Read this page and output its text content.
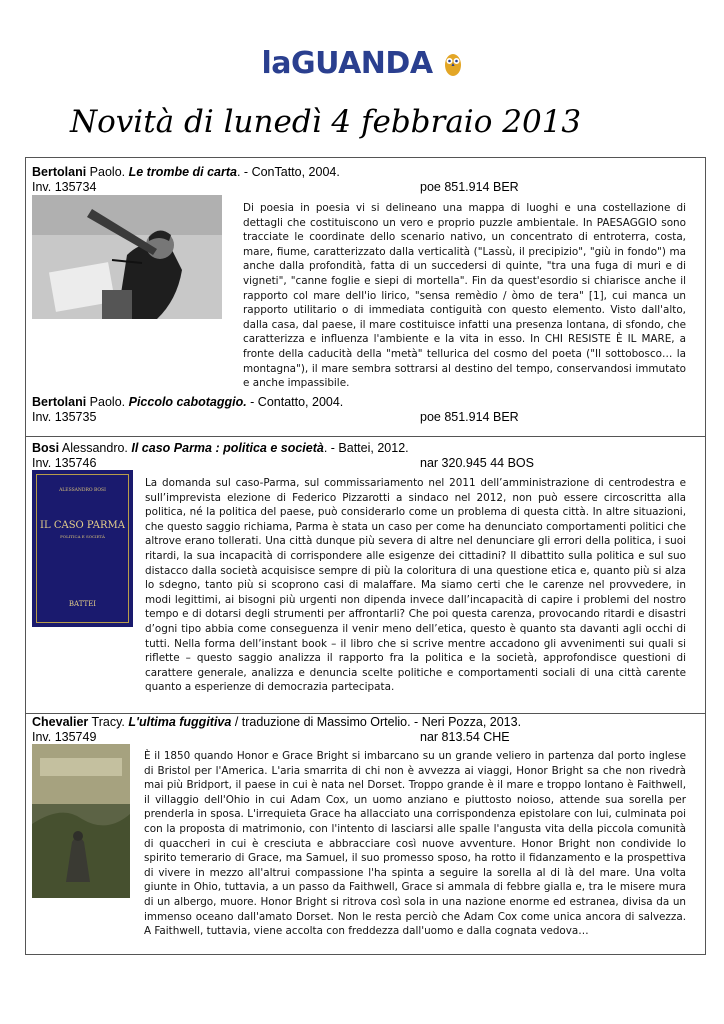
laGUANDA
Novità di lunedì 4 febbraio 2013
Bertolani Paolo. Le trombe di carta. - ConTatto, 2004.
Inv. 135734	poe 851.914 BER
Di poesia in poesia vi si delineano una mappa di luoghi e una costellazione di dettagli che costituiscono un vero e proprio puzzle ambientale. In PAESAGGIO sono tracciate le coordinate dello scenario nativo, un concentrato di entroterra, costa, mare, fiume, caratterizzato dalla verticalità ("Lassù, il precipizio", "giù in fondo") ma anche dalla profondità, fatta di un succedersi di quinte, "tra una fuga di muri e di vigneti", "canne foglie e siepi di mortella". Fin da quest'esordio si chiarisce anche il rapporto col mare dell'io lirico, "sensa remèdio / òmo de tera" [1], cui manca un rapporto utilitario o di immediata contiguità con questo elemento. Visto dall'alto, dalla casa, dal paese, il mare costituisce infatti una presenza lontana, di sfondo, che caratterizza e influenza l'ambiente e la vita in esso. In CHI RESISTE È IL MARE, a fronte della caducità della "metà" tellurica del cosmo del poeta ("Il sottobosco… la montagna"), il mare sembra sottrarsi al destino del tempo, conservandosi immutato e anche impassibile.
Bertolani Paolo. Piccolo cabotaggio. - Contatto, 2004.
Inv. 135735	poe 851.914 BER
Bosi Alessandro. Il caso Parma : politica e società. - Battei, 2012.
Inv. 135746	nar 320.945 44 BOS
ALESSANDRO BOSI
IL CASO PARMA
POLITICA E SOCIETÀ
BATTEI
La domanda sul caso-Parma, sul commissariamento nel 2011 dell’amministrazione di centrodestra e sull’imprevista elezione di Federico Pizzarotti a sindaco nel 2012, non può essere circoscritta alla politica, né la politica del paese, può considerarlo come un problema di questa città. In altre situazioni, che questo saggio richiama, Parma è stata un caso per come ha denunciato comportamenti politici che altrove erano tollerati. Una città dunque più severa di altre nel denunciare gli errori della politica, i suoi ritardi, la sua incapacità di corrispondere alle esigenze dei cittadini? Il dibattito sulla politica e sul suo distacco dalla società acquisisce sempre di più la coloritura di una questione etica e, quanto più si alza lo sdegno, tanto più si scoprono casi di malaffare. Ma siamo certi che le carenze nel provvedere, in modi legittimi, ai bisogni più urgenti non dipenda invece dall’incapacità di capire i problemi del nostro tempo e di dotarsi degli strumenti per affrontarli? Che poi questa carenza, provocando ritardi e disastri d’ogni tipo abbia come conseguenza il venir meno dell’etica, questo è quanto sta davanti agli occhi di tutti. Nella forma dell’instant book – il libro che si scrive mentre accadono gli avvenimenti sui quali si riflette – questo saggio analizza il rapporto fra la politica e la società, approfondisce questioni di carattere generale, analizza e denuncia scelte politiche e comportamenti sociali di una città carente quanto a esperienze di democrazia partecipata.
Chevalier Tracy. L'ultima fuggitiva / traduzione di Massimo Ortelio. - Neri Pozza, 2013.
Inv. 135749	nar 813.54 CHE
È il 1850 quando Honor e Grace Bright si imbarcano su un grande veliero in partenza dal porto inglese di Bristol per l'America. L'aria smarrita di chi non è avvezza ai viaggi, Honor Bright sa che non rivedrà mai più Bridport, il paese in cui è nata nel Dorset. Troppo grande è il mare e troppo lontano è Faithwell, il villaggio dell'Ohio in cui Adam Cox, un uomo anziano e piuttosto noioso, attende sua sorella per prenderla in sposa. L'irrequieta Grace ha allacciato una corrispondenza epistolare con lui, culminata poi con la proposta di matrimonio, con l'intento di lasciarsi alle spalle l'angusta vita della piccola comunità di quaccheri in cui è cresciuta e abbracciare così nuove avventure. Honor Bright non condivide lo spirito temerario di Grace, ma Samuel, il suo promesso sposo, ha rotto il fidanzamento e la prospettiva di vivere in mezzo all'altrui compassione l'ha spinta a seguire la sorella al di là del mare. Una volta giunte in Ohio, tuttavia, a un passo da Faithwell, Grace si ammala di febbre gialla e, tra le misere mura di un albergo, muore. Honor Bright si ritrova così sola in una nazione enorme ed estranea, divisa da un immenso oceano dall'amato Dorset. Non le resta perciò che Adam Cox come unica ancora di salvezza. A Faithwell, tuttavia, viene accolta con freddezza dall'uomo e dalla cognata vedova…
